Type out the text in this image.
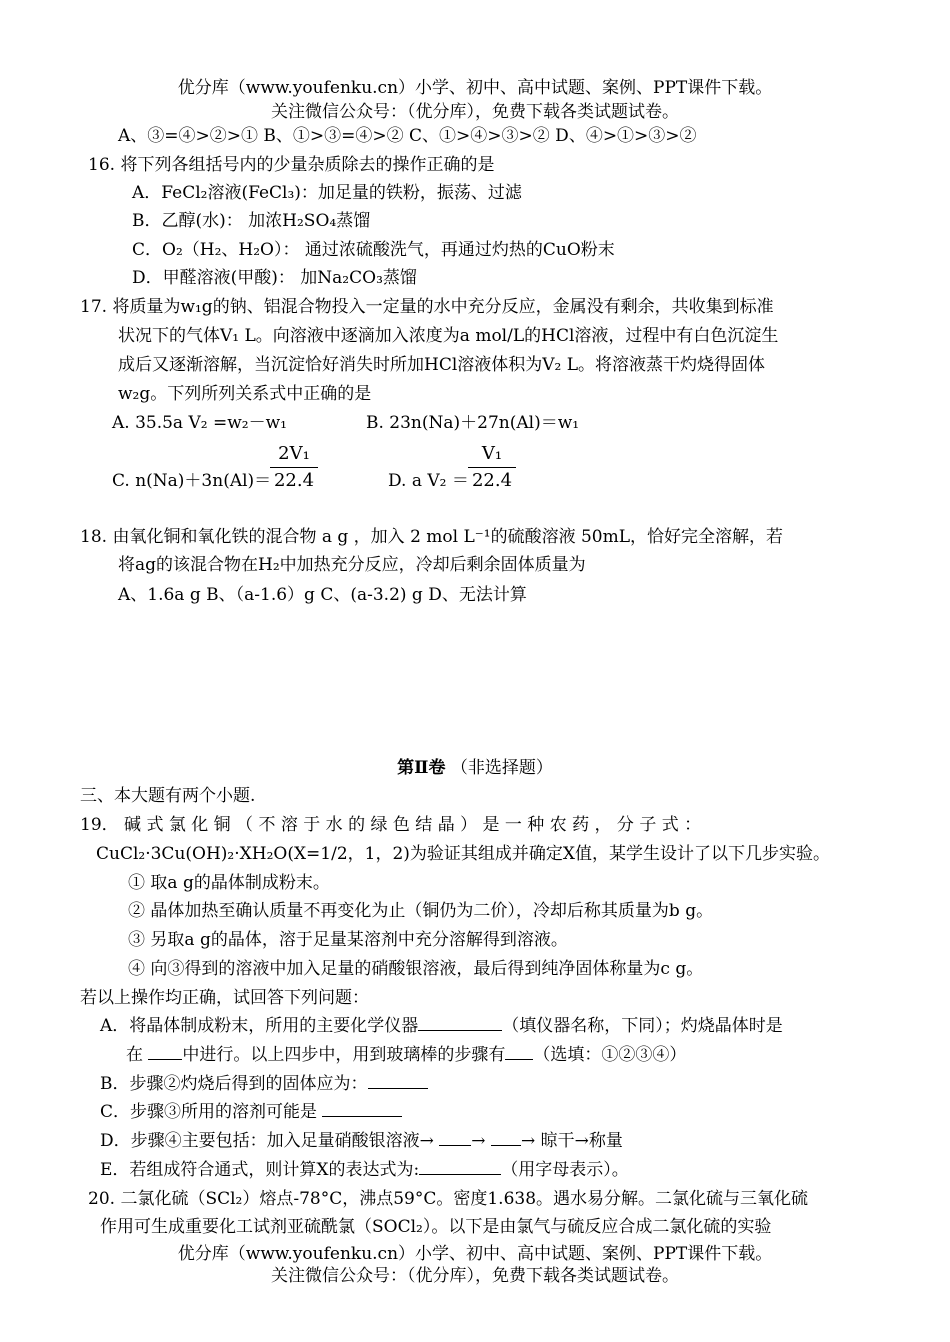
优分库（www.youfenku.cn）小学、初中、高中试题、案例、PPT课件下载。
关注微信公众号：（优分库），免费下载各类试题试卷。
A、③=④>②>① B、①>③=④>② C、①>④>③>② D、④>①>③>②
16. 将下列各组括号内的少量杂质除去的操作正确的是
A．FeCl₂溶液(FeCl₃)：加足量的铁粉，振荡、过滤
B．乙醇(水)： 加浓H₂SO₄蒸馏
C．O₂（H₂、H₂O）： 通过浓硫酸洗气，再通过灼热的CuO粉末
D．甲醛溶液(甲酸)： 加Na₂CO₃蒸馏
17. 将质量为w₁g的钠、铝混合物投入一定量的水中充分反应，金属没有剩余，共收集到标准
状况下的气体V₁ L。向溶液中逐滴加入浓度为a mol/L的HCl溶液，过程中有白色沉淀生
成后又逐渐溶解，当沉淀恰好消失时所加HCl溶液体积为V₂ L。将溶液蒸干灼烧得固体
w₂g。下列所列关系式中正确的是
A. 35.5a V₂ =w₂－w₁	B. 23n(Na)＋27n(Al)＝w₁
C. n(Na)＋3n(Al)＝
$\frac{\text{2V₁}}{22.4}$	D. a $V_2 = \frac{\text{V₁}}{22.4}$
18. 由氧化铜和氧化铁的混合物 a g ，加入 2 mol L⁻¹的硫酸溶液 50mL，恰好完全溶解，若
将ag的该混合物在H₂中加热充分反应，冷却后剩余固体质量为
A、1.6a g B、（a-1.6）g C、(a-3.2) g D、无法计算
第Ⅱ卷 （非选择题）
三、本大题有两个小题.
19． 碱 式 氯 化 铜 （ 不 溶 于 水 的 绿 色 结 晶 ） 是 一 种 农 药 ， 分 子 式 ：
CuCl₂·3Cu(OH)₂·XH₂O(X=1/2，1，2)为验证其组成并确定X值，某学生设计了以下几步实验。
① 取a g的晶体制成粉末。
② 晶体加热至确认质量不再变化为止（铜仍为二价），冷却后称其质量为b g。
③ 另取a g的晶体，溶于足量某溶剂中充分溶解得到溶液。
④ 向③得到的溶液中加入足量的硝酸银溶液，最后得到纯净固体称量为c g。
若以上操作均正确，试回答下列问题：
A．将晶体制成粉末，所用的主要化学仪器	（填仪器名称，下同）；灼烧晶体时是
在 中进行。以上四步中，用到玻璃棒的步骤有 （选填：①②③④）
B．步骤②灼烧后得到的固体应为：
C．步骤③所用的溶剂可能是
D．步骤④主要包括：加入足量硝酸银溶液→ → → 晾干→称量
E．若组成符合通式，则计算X的表达式为:	（用字母表示）。
20. 二氯化硫（SCl₂）熔点-78°C，沸点59°C。密度1.638。遇水易分解。二氯化硫与三氧化硫
作用可生成重要化工试剂亚硫酰氯（SOCl₂）。以下是由氯气与硫反应合成二氯化硫的实验
优分库（www.youfenku.cn）小学、初中、高中试题、案例、PPT课件下载。
关注微信公众号：（优分库），免费下载各类试题试卷。
